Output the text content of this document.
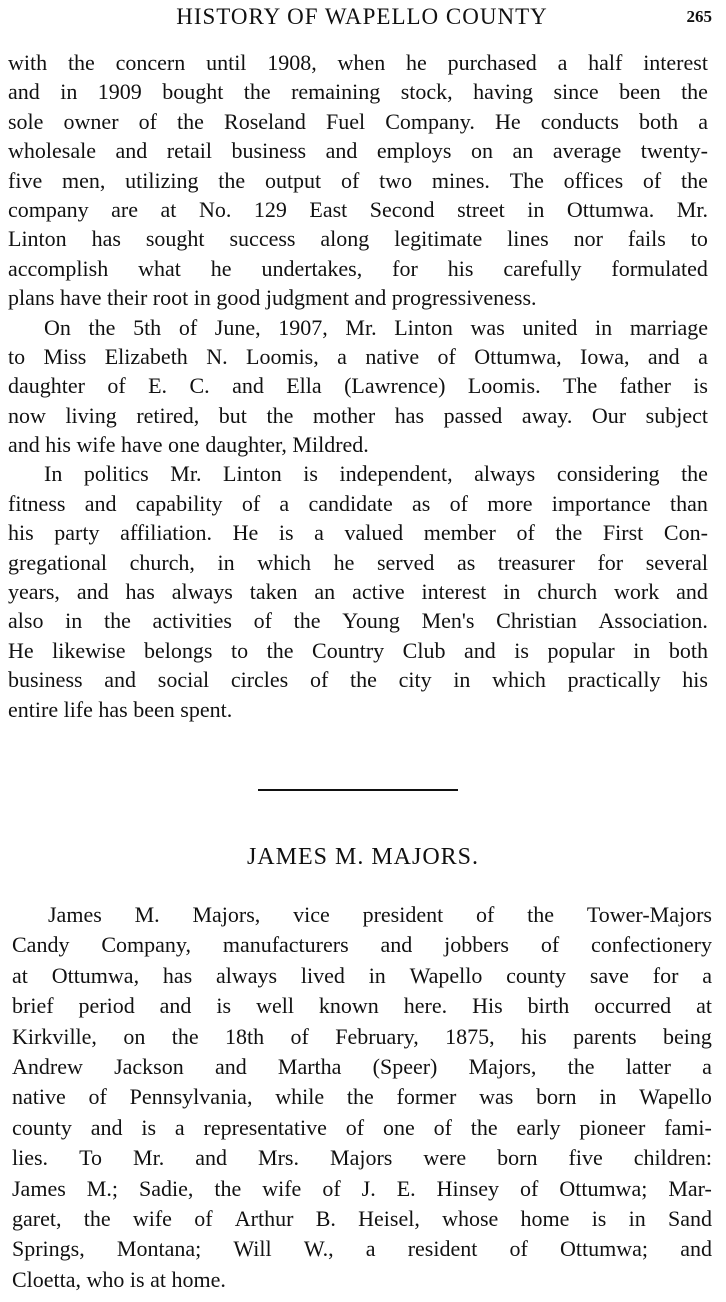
HISTORY OF WAPELLO COUNTY	265
with the concern until 1908, when he purchased a half interest
and in 1909 bought the remaining stock, having since been the
sole owner of the Roseland Fuel Company. He conducts both a
wholesale and retail business and employs on an average twenty-
five men, utilizing the output of two mines. The offices of the
company are at No. 129 East Second street in Ottumwa. Mr.
Linton has sought success along legitimate lines nor fails to
accomplish what he undertakes, for his carefully formulated
plans have their root in good judgment and progressiveness.
On the 5th of June, 1907, Mr. Linton was united in marriage
to Miss Elizabeth N. Loomis, a native of Ottumwa, Iowa, and a
daughter of E. C. and Ella (Lawrence) Loomis. The father is
now living retired, but the mother has passed away. Our subject
and his wife have one daughter, Mildred.
In politics Mr. Linton is independent, always considering the
fitness and capability of a candidate as of more importance than
his party affiliation. He is a valued member of the First Con-
gregational church, in which he served as treasurer for several
years, and has always taken an active interest in church work and
also in the activities of the Young Men's Christian Association.
He likewise belongs to the Country Club and is popular in both
business and social circles of the city in which practically his
entire life has been spent.
JAMES M. MAJORS.
James M. Majors, vice president of the Tower-Majors
Candy Company, manufacturers and jobbers of confectionery
at Ottumwa, has always lived in Wapello county save for a
brief period and is well known here. His birth occurred at
Kirkville, on the 18th of February, 1875, his parents being
Andrew Jackson and Martha (Speer) Majors, the latter a
native of Pennsylvania, while the former was born in Wapello
county and is a representative of one of the early pioneer fami-
lies. To Mr. and Mrs. Majors were born five children:
James M.; Sadie, the wife of J. E. Hinsey of Ottumwa; Mar-
garet, the wife of Arthur B. Heisel, whose home is in Sand
Springs, Montana; Will W., a resident of Ottumwa; and
Cloetta, who is at home.
